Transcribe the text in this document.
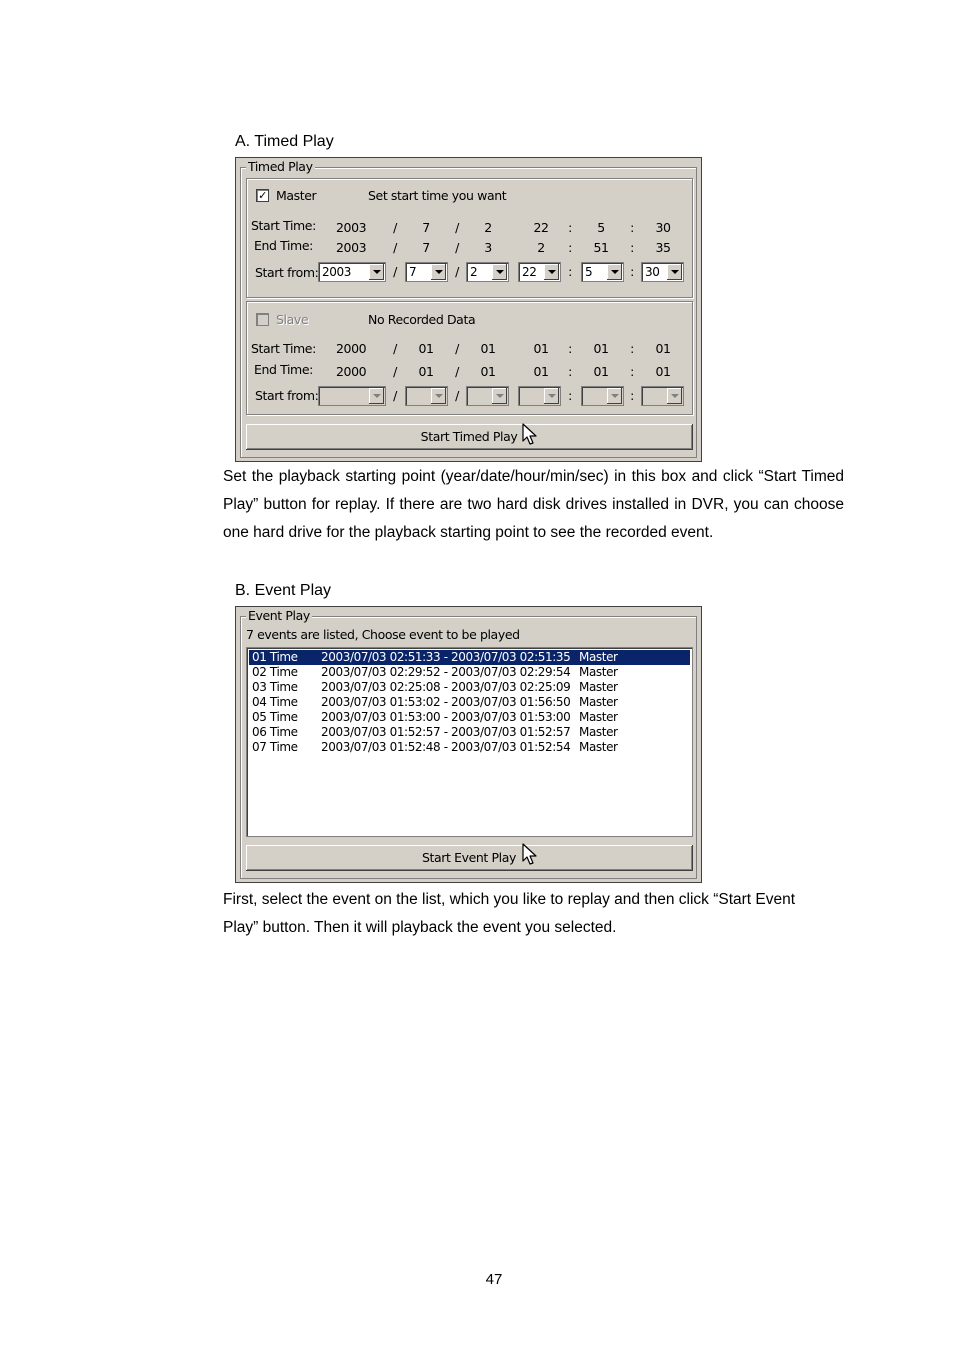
A. Timed Play
Timed Play
✓ Master	Set start time you want
Start Time: 2003 /	7	/	2	22	:	5	:	30
End Time: 2003 /	7	/	3	2	:	51	:	35
Start from: 2003	/ 7	/ 2	22	: 5	: 30
Slave	No Recorded Data
Start Time: 2000 /	01	/	01	01	:	01	:	01
End Time: 2000 /	01	/	01	01	:	01	:	01
Start from:	/	/	:	:
Start Timed Play
Set the playback starting point (year/date/hour/min/sec) in this box and click “Start Timed Play” button for replay. If there are two hard disk drives installed in DVR, you can choose one hard drive for the playback starting point to see the recorded event.
B. Event Play
Event Play
7 events are listed, Choose event to be played
01 Time 2003/07/03 02:51:33 - 2003/07/03 02:51:35 Master
02 Time 2003/07/03 02:29:52 - 2003/07/03 02:29:54 Master
03 Time 2003/07/03 02:25:08 - 2003/07/03 02:25:09 Master
04 Time 2003/07/03 01:53:02 - 2003/07/03 01:56:50 Master
05 Time 2003/07/03 01:53:00 - 2003/07/03 01:53:00 Master
06 Time 2003/07/03 01:52:57 - 2003/07/03 01:52:57 Master
07 Time 2003/07/03 01:52:48 - 2003/07/03 01:52:54 Master
Start Event Play
First, select the event on the list, which you like to replay and then click “Start Event
Play” button. Then it will playback the event you selected.
47
